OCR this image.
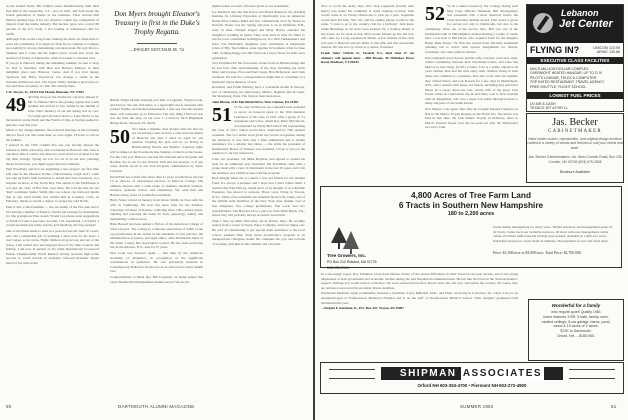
in the United States. His family's Kent Manufacturing built their first mill in the Greenville, S.C., area in 1901, and Tom heads the fourth generation of Kents in the business. Their second mill (Marve Austin) buys it for two massive counts: the competition of imports from the textile industry. But nuclear types now control 60 percent of the U.S. trade, a fact leading to widespread calls for tariffs.

Although Tom works long hours running the mills, he finds time to serve his community. It is tough, he feels for us continue to compete successfully by always maintaining a modern plant. He says this is a business and it costs; but the higher prices would also lower the standard of living of Americans, when it is easier to run than ever.

If you go to Hanover during the remaining summer, be sure to drop in. Ned is 'installed' with Bud and Barbara Munson in their delightful place near Hanover Center. And if you visit Jenney Sporbeck and Harry Woodcock can arrange a rental in the Woodstock/Hanover area. The Upper Valley remains a great place to live and there are plenty of other '40s already there.

C.R. Dwyer, Jr., 10214 Del Monte, Houston, TX 77042

49 49 Only those in the Northwest can have missed it: Mt. St. Helens! We're also getting regular that warm weather has arrived to stay awhile by the middle of June. One's memory of our last spring was so cool. So Leigh and I motored down to Lake Placid to see the festival on the North and the Fourth of July, as Spring seemed to skip the coast this year.

Much to my disappointment, the postcard message at the reception did not flood you this week time, so once again, I'll have to call on the faithful.

I noticed in the 1950 column that one you already missed the reunion in 1994, when they will reconnoiter in Hanover. Our class is one more time it will be less than two years until we all head for the big 45th, Klengs. Spring are low for all of us are now planning ahead for that trip, you might appreciate this reminder.

Paul Woodbury and first are beginning a new project: our first time will take in the Meadow Pointe, Unfortunately Leigh and I could not take up Paul's kind invitation to attend the Class Luncheon, in a surprise location, at the North Bay. The extent of the Farmhouse it was just the class of Hot little over there. He told me that his old 'Red' roommate Spider Smith (the one whose cap harbored moths that at one wind luckily has visited him in Laramie, Calif., in February. Spider no doubt a chance to escape the cold North.

Paul is also a full-freshman — the tax slump of the Hot Ann Arbor he's having a number of finest to find in his looking for monuments for this prestigious Pine award. Would you please send suggestions to Frank at Cadet Lane Gate, Arcadia, 119, Lunenburg, CA 91014. I would send him any name, but my golf handicap isn't big enough!

One of the finest sends to send in a postcard was Dr. Stan W. Groth, who did a remarkable job of updating a short note for his news. I don't agree, as he wrote, 'Eight children all grown up and out of the house. I am retired now and engaged most of my time to lunch and fishing. I am now in pursuit of my ninth International Crossword Puzzle Championship World Retired, having received high noble records or world records in available, fish-and Rounder. Spend much of my time in the

Don Myers brought Eleanor's Treasury in first in the Duke's Trophy Regatta.
—DWIGHT KETCHAM JR. '52

British Virgin Islands studying reef fish or Lagunita, Virgin Gorda, and Tortola. We sail, fish hikes, is a legal right and is obsessed with product fidelity and method independent. I dare say ever the reunion there, will eventually go to Princeton. The only thing I find out was was the time the shop on top over. J. Crawford, 3415 Highlands Bridge Road, Sarasota, FL 34235

50 50 I made a mistake. Ken Studers tells me that we are not having a tent we have a class tent and dinner of Hanover last June 5 since its April for our reunion. Clearing the plan will be on Friday in Homecoming Parade and Bonfire. Saturday night will be dinner at the Woodstock Inn. Sunday, a brunch on the Green.

For the 11th year Hanover restored the National Alive Program and Bonfire. Set as out for the October 10th and see Stevens, or if any come double booth in our Tent Program, administered by Steve Lidwalls.

David Fish has retired after more than 41 years in education, the last 15 as director of educational services at Mid-Cal College. His ultimate interest with a wide range of students, medical workers, teachers, graduate school, and elementary. We wish him and Barbara many years of wonderful retirement.

Harry Mater retired in January from Glaxo Smith, he lives with his wife in Cambridge. He now has more time for his hobbies, collecting old maps of Kansas, collecting more 19th-century prints, building and restoring the Santa Fe Trail, genealogy, dating, and maintaining a silicon stone.

Hans Bessell has been named a Fellow of the American College of Trial Lawyers. The college is a national association of 3,000 of the top practitioners in the nation in the standards of trial practice, the administration of justice, and legal ethics, other Dartmouth Johns of the Sutter County Bar Association council. He has been practicing law in the Alfonso, N.Y., area for 37 years.

Dan Cook was honored again — this time by the American Academy of Pediatrics, in recognition of his significant contributions in pediatrics. He was previously honored in Contemporary Pediatrics for his role as an advocate for better health care.

Congratulations to Head Igor Bill Carpenter on being named this year's Dartmouth Distinguished Alumni Award. We are de-

lighted when we learn of honors given to our classmates.

Joe Medicott tells me that Karen and David Deerner's trio (LEAD) Institute for Lifelong Education at Dartmouth) won an American Nobel Prize winner, Ruud and Nev Chamberlain tried for Nexus in Norfolk. Nexus was the Spring and plan to be in Pittsfield, N.H., early in June. Dwight Jurgen and Mary Halow attended his daughter's wedding in Spain. They went back in time for Merv to run for town councilman in Ridgewood, N.J. Bob Funkhausen's and Peter Von Hermann's daughters were roommates at Dartmouth (class of '00). The families came together in Southern, Utah for June 16th, wedding Peggy and Jim Vail took a trip to Texas for their son's graduation.

Vice President Ed Tait forwarded a letter from Al Michel-Krupp that he and four other sportsmanship of the class including his uncle Mary and Jacques, Fran and Paul Cassel, Bob McKernon, and Chris Clemons. Ed said the correspondences might like to contribute to a memorial trip in memory of loss.

Rosemary and Frank Baltzley have a wonderful month in Europe, sort of celebrating our anniversary, Milano, Reghini, Isla di Capri, the Strasbourg, Paris. The trip has been been more.

John Bloom, 1142 Merrifield Drive, West Chester, PA 19382

51 51 We were in Hanover on a splendid June weekend to escort an honored guest to the 50th Reunion Luncheon of the class of 1941 with a group of '51 classmates and wives, which Roy Mary McCulloch, accompanied by Sandy McCulloch '90, representing the class of 1917, which would have celebrated its 75th reunion weekend. The two tables were given the lowest recognition during the luncheon. It was with only a little enthusiasm and to double attendance for a smaller late tables — the while the president of Dartmouth's Board of Trustees was swindled. I hope it was not the question of our last reunion in.

Later our president, our Mike Heyman, had agreed to extend his term for an additional year. President Jim Freedman came with a group dealt with a view of Dartmouth in the last 30 years, and I felt the audience was visibly in tune with his program.

Herb Knight asked me to contact a few old friends for the Alumni Fund. It's always a pleasure and I hope that I don't bother them. I learned that Paul Harvey, whom most of us thought of as a lifetime Easterner, has moved to Arizona. Bruce Grey, living in Tucson, N.Y.C. Many of us remember his beautiful blond wife, Jenny, one of the faithful team members of the New York class alumni. List of feat daughters, five college graduations, fine work, and two grandchildren. The Harveys have a place in West Palm Beach, Fla., where they will probably end up as retired 'snowbirds.'

Then I rang up Jamie McCarthy out in Darien, Ohio. He recently retired from a career in Sugar, Paper Company, and four things one: He sold of volunteering to get special math assistance to the local school, assisted Ohio State nurse practitioner's program as an unsupervised collegiate reader. He combines the joys and rewards of working with kids in this summer and a frontier.

50	DARTMOUTH ALUMNI MAGAZINE

Nice to recall his Army days after Jack Gagnebin (former men than?) was under his command at some training location. Jack would come in on Friday afternoons to pick up a pass. Gagnebin would then tell him, 'Yes, Sir,' and his ending phrase would be the same, 'I want to go to the country club for a birthday.' Jack knew Jamie Blessings, so far have been awaited for, a holiday dinner at her house. As far back as that, Mac's home friends up his dad now will come for a long weekend in Maine. A few months of the class was sent to Hanover and the farms at this time and that seasonable reunion. He was in to go down as a retiree, it seemed.

Frank 'Inky' Ulricht Jr., Vesterll, N.J., died June 17. An obituary will appear later. —Bill Brooks, 40 Whitaker Prove Road, Madison, CT 06443

52 52 At a dinner hosted by the College during each May Class Officers Weekend, Bill Montgomery was presented with a most deserved award, the Class Secretary Alumni Award. That award is given for service not only to Dartmouth, but also to the community. Once out of his service days, Bill was one of the Dartmouth Club of Philadelphia's annual meeting a couple of weeks later. I was next to Bill Davis, who acquired 'tend' for his daughter Helen Dane Peters '79. Bill has retired from full-time residential planning but is active with special assignments for church, townships, and other political entities.

Dan Campbell wrote that he and his wife, Carolyn, were now semi-retired commuting between their Cincinnati homes, and Lake San Marcos in San Diego (Calif.) County. Carl is a prime objective all year! Neither Don and his wife enjoy their children living in both times, the commute is a pleasure. Don also wrote that last summer they visited Nancy and Cab Rousch for a few days in Marblehead, N.H., and a reunion with many old friends, including Kay and Tyler Dunn. In a report about the sale, whose wife of the great, Jack Foster writes of a marvelous trip he and Mary took to New Zealand with Al Riegelman, who was a super tour guide through hostess to many and parts of the South Island.

Don Meyers won again. This time he brought Eleanor's Reserve in first in the Duke's Trophy Regatta on the North Sea. The match was held in that time. He took Duke's Trophy in February, there in March. Eleanor Teaser won the two-year-old after the Whitewater record by John.

In a less happy report, Roy Whitman wrote from Odessa, Texas, of the severe difficulties in West Texas for the past decade, and of his strong displeasure at both government and economic decline during the past Republican administrations. He felt like he'd had all the 'Kuwait/Aramco' support. Perhaps you would want to write Roy. We were advised before Ross Perot's entry into the race, and before the country. Of course, they are anxious took toward the probable Texan candidate.

Dartmouth Medicine again prominently featured a classmate. Larry Mihelick, M.D., and Ellen, are living in Lawrence, Ill., where Larry is an anesthesiologist at Northwestern Memorial Hospital and is on the staff of Northwestern Medical School. Their daughter graduated from Dartmouth this year.

—Dwight F. Ketcham Jr., P.O. Box 447, Wayne, PA 19087

Lebanon
Jet Center
FLYING IN?	UNICOM 122.95
ARINC 130.66
EXECUTIVE CLASS FACILITIES
MULTI-MILLION DOLLAR COMPLEX
OVERNIGHT HEATED HANGAR, UP TO G IV
PILOT'S LOUNGE, TELEX & COMPUTER
TOP RATED RESTAURANT, TRAVEL AGENCY
FREE SHUTTLE, FLIGHT SCHOOL
LOWEST FUEL PRICES
UV AIR & CASH
TEXACO JET A FOR LL
Jas. Becker
CABINETMAKER
Hand made custom, reproduction, and original design furniture crafted in a variety of woods and finishes to suit your needs and taste.
Jas. Becker Cabinetmakers, Inc. West Cornish Road, Box 236 Cornish, NH 03746 (603) 675-2806
Brochure Available
4,800 Acres of Tree Farm Land
6 Tracts in Southern New Hampshire
180 to 2,200 acres
Tree Growers, Inc.
PO Box 212 Rutland, MA 01776
508-155-2194
Under timber management for many years. Timber inventory and management plans for all Tracts. Some tracts are available in pieces. Of most with easy management, stable values. Excellent timber/land & holding sizes needed. Available in 1,600 acre tracts. Individual and pieces can be made in numbers. Development of tract and tracts more.
Price: $1,500/acre to $3,000/acre. Total Price: $2,700,000.
Wonderful for a family
who require quiet! Quality 1981
home features 4 BR, 5 bath, family room,
vaulted ceilings, 5-car garage, barns, pond,
views & 15 acres or 2 acres.
$72K to Dartmouth.
Orford, NH.....$155,000.
SHIPMAN ASSOCIATES
Orford NH 603-353-4700 • Piermont NH 603-272-4900
SUMMER 1992	51
